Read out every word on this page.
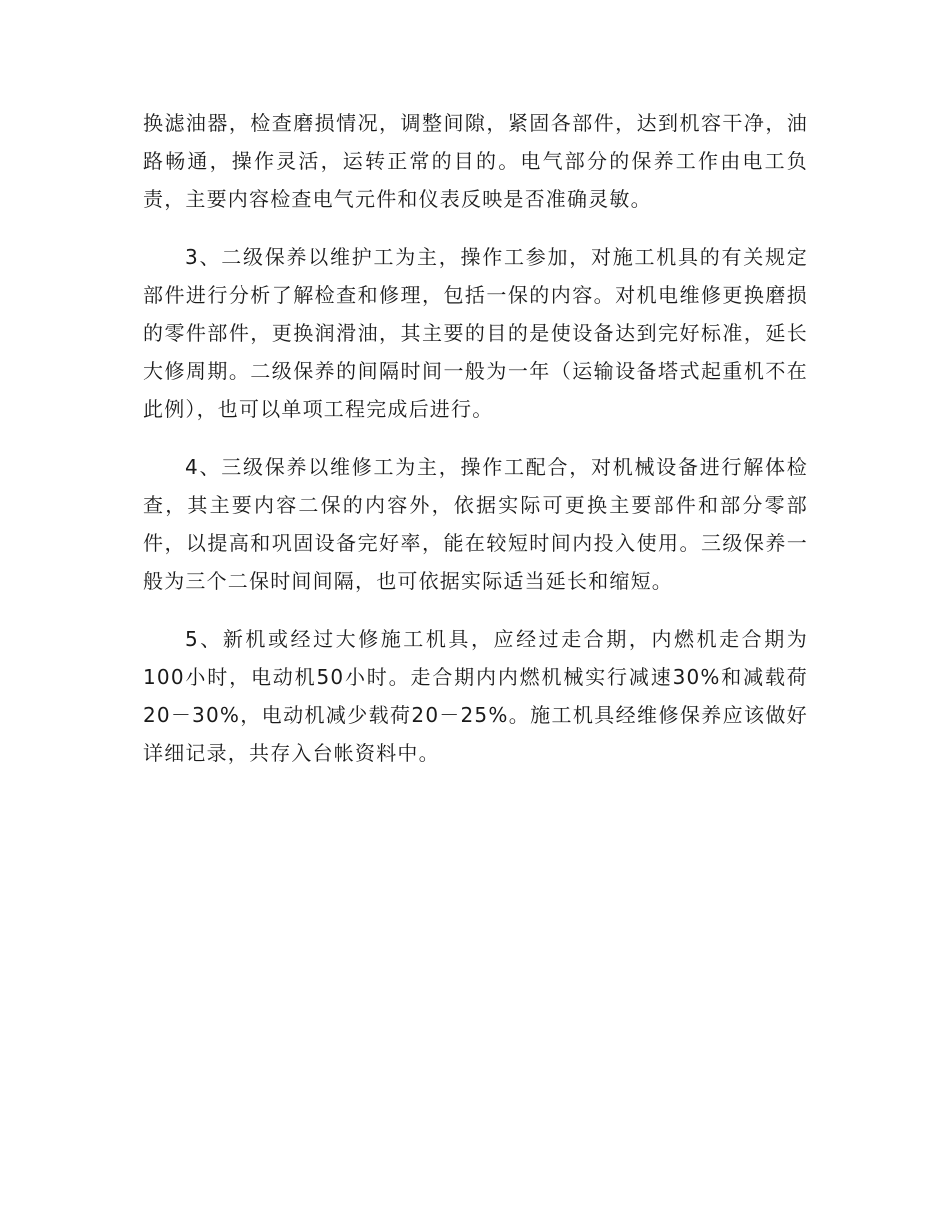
换滤油器，检查磨损情况，调整间隙，紧固各部件，达到机容干净，油路畅通，操作灵活，运转正常的目的。电气部分的保养工作由电工负责，主要内容检查电气元件和仪表反映是否准确灵敏。

3、二级保养以维护工为主，操作工参加，对施工机具的有关规定部件进行分析了解检查和修理，包括一保的内容。对机电维修更换磨损的零件部件，更换润滑油，其主要的目的是使设备达到完好标准，延长大修周期。二级保养的间隔时间一般为一年（运输设备塔式起重机不在此例），也可以单项工程完成后进行。

4、三级保养以维修工为主，操作工配合，对机械设备进行解体检查，其主要内容二保的内容外，依据实际可更换主要部件和部分零部件，以提高和巩固设备完好率，能在较短时间内投入使用。三级保养一般为三个二保时间间隔，也可依据实际适当延长和缩短。

5、新机或经过大修施工机具，应经过走合期，内燃机走合期为100小时，电动机50小时。走合期内内燃机械实行减速30%和减载荷20－30%，电动机减少载荷20－25%。施工机具经维修保养应该做好详细记录，共存入台帐资料中。
